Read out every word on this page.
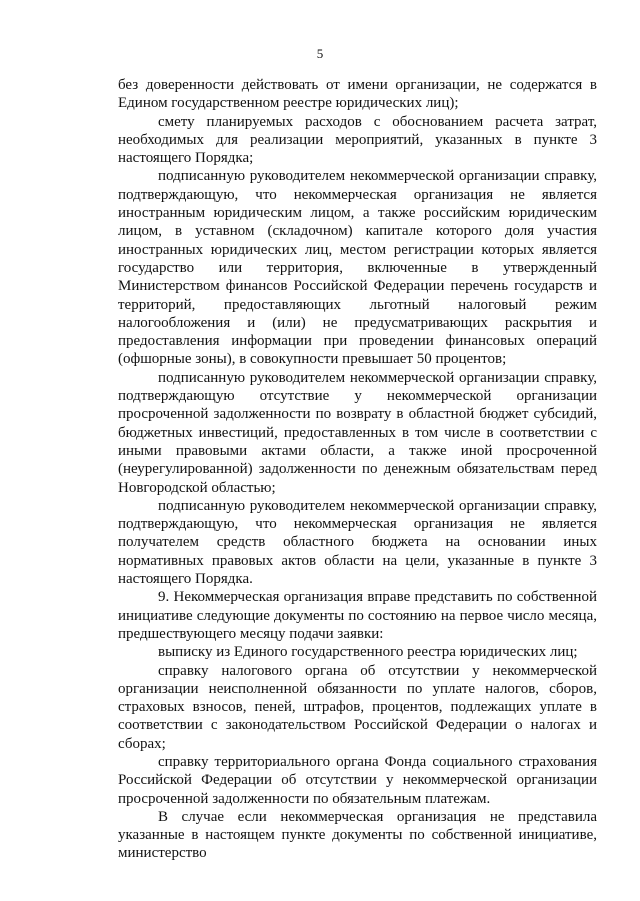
5

без доверенности действовать от имени организации, не содержатся в Едином государственном реестре юридических лиц);

смету планируемых расходов с обоснованием расчета затрат, необходимых для реализации мероприятий, указанных в пункте 3 настоящего Порядка;

подписанную руководителем некоммерческой организации справку, подтверждающую, что некоммерческая организация не является иностранным юридическим лицом, а также российским юридическим лицом, в уставном (складочном) капитале которого доля участия иностранных юридических лиц, местом регистрации которых является государство или территория, включенные в утвержденный Министерством финансов Российской Федерации перечень государств и территорий, предоставляющих льготный налоговый режим налогообложения и (или) не предусматривающих раскрытия и предоставления информации при проведении финансовых операций (офшорные зоны), в совокупности превышает 50 процентов;

подписанную руководителем некоммерческой организации справку, подтверждающую отсутствие у некоммерческой организации просроченной задолженности по возврату в областной бюджет субсидий, бюджетных инвестиций, предоставленных в том числе в соответствии с иными правовыми актами области, а также иной просроченной (неурегулированной) задолженности по денежным обязательствам перед Новгородской областью;

подписанную руководителем некоммерческой организации справку, подтверждающую, что некоммерческая организация не является получателем средств областного бюджета на основании иных нормативных правовых актов области на цели, указанные в пункте 3 настоящего Порядка.

9. Некоммерческая организация вправе представить по собственной инициативе следующие документы по состоянию на первое число месяца, предшествующего месяцу подачи заявки:

выписку из Единого государственного реестра юридических лиц;

справку налогового органа об отсутствии у некоммерческой организации неисполненной обязанности по уплате налогов, сборов, страховых взносов, пеней, штрафов, процентов, подлежащих уплате в соответствии с законодательством Российской Федерации о налогах и сборах;

справку территориального органа Фонда социального страхования Российской Федерации об отсутствии у некоммерческой организации просроченной задолженности по обязательным платежам.

В случае если некоммерческая организация не представила указанные в настоящем пункте документы по собственной инициативе, министерство
